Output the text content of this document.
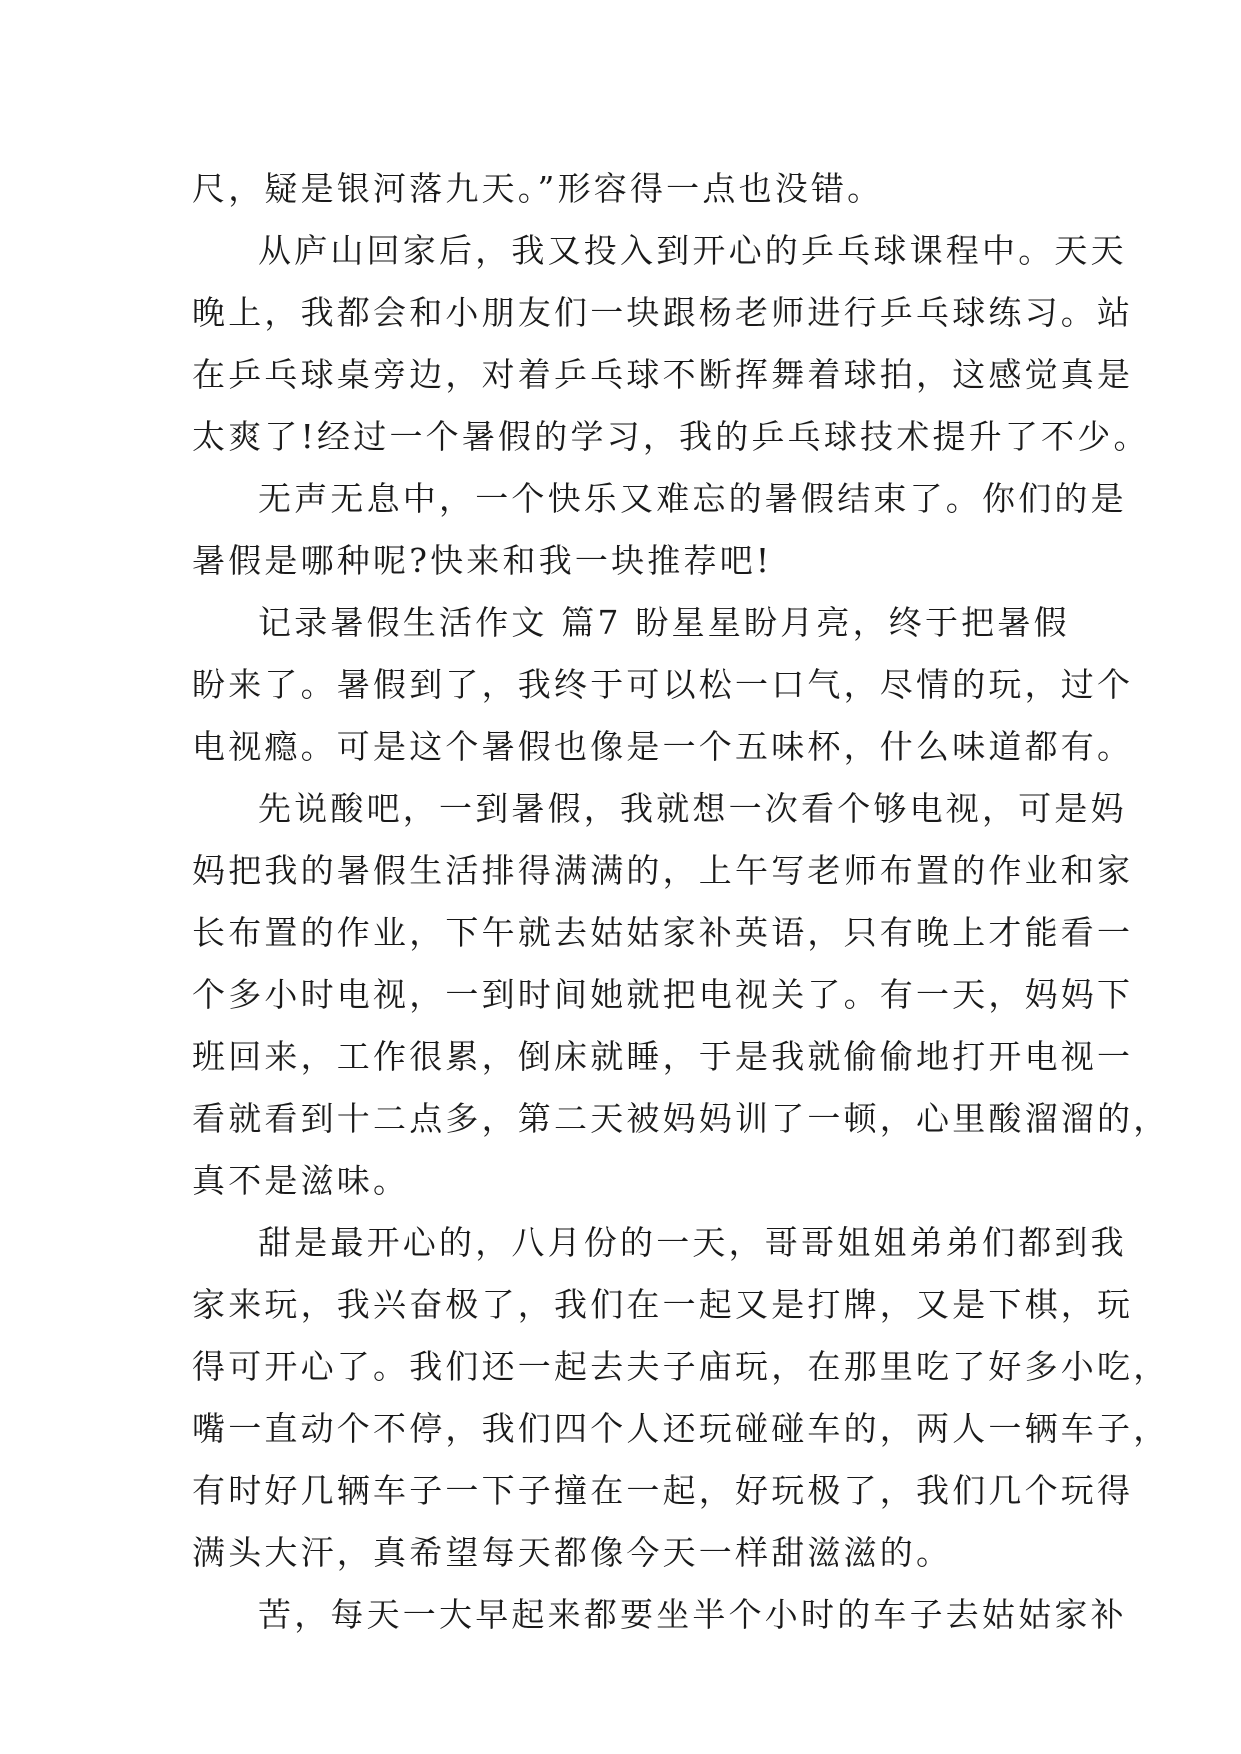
尺，疑是银河落九天。”形容得一点也没错。
从庐山回家后，我又投入到开心的乒乓球课程中。天天
晚上，我都会和小朋友们一块跟杨老师进行乒乓球练习。站
在乒乓球桌旁边，对着乒乓球不断挥舞着球拍，这感觉真是
太爽了!经过一个暑假的学习，我的乒乓球技术提升了不少。
无声无息中，一个快乐又难忘的暑假结束了。你们的是
暑假是哪种呢?快来和我一块推荐吧!
记录暑假生活作文 篇7 盼星星盼月亮，终于把暑假
盼来了。暑假到了，我终于可以松一口气，尽情的玩，过个
电视瘾。可是这个暑假也像是一个五味杯，什么味道都有。
先说酸吧，一到暑假，我就想一次看个够电视，可是妈
妈把我的暑假生活排得满满的，上午写老师布置的作业和家
长布置的作业，下午就去姑姑家补英语，只有晚上才能看一
个多小时电视，一到时间她就把电视关了。有一天，妈妈下
班回来，工作很累，倒床就睡，于是我就偷偷地打开电视一
看就看到十二点多，第二天被妈妈训了一顿，心里酸溜溜的，
真不是滋味。
甜是最开心的，八月份的一天，哥哥姐姐弟弟们都到我
家来玩，我兴奋极了，我们在一起又是打牌，又是下棋，玩
得可开心了。我们还一起去夫子庙玩，在那里吃了好多小吃，
嘴一直动个不停，我们四个人还玩碰碰车的，两人一辆车子，
有时好几辆车子一下子撞在一起，好玩极了，我们几个玩得
满头大汗，真希望每天都像今天一样甜滋滋的。
苦，每天一大早起来都要坐半个小时的车子去姑姑家补
